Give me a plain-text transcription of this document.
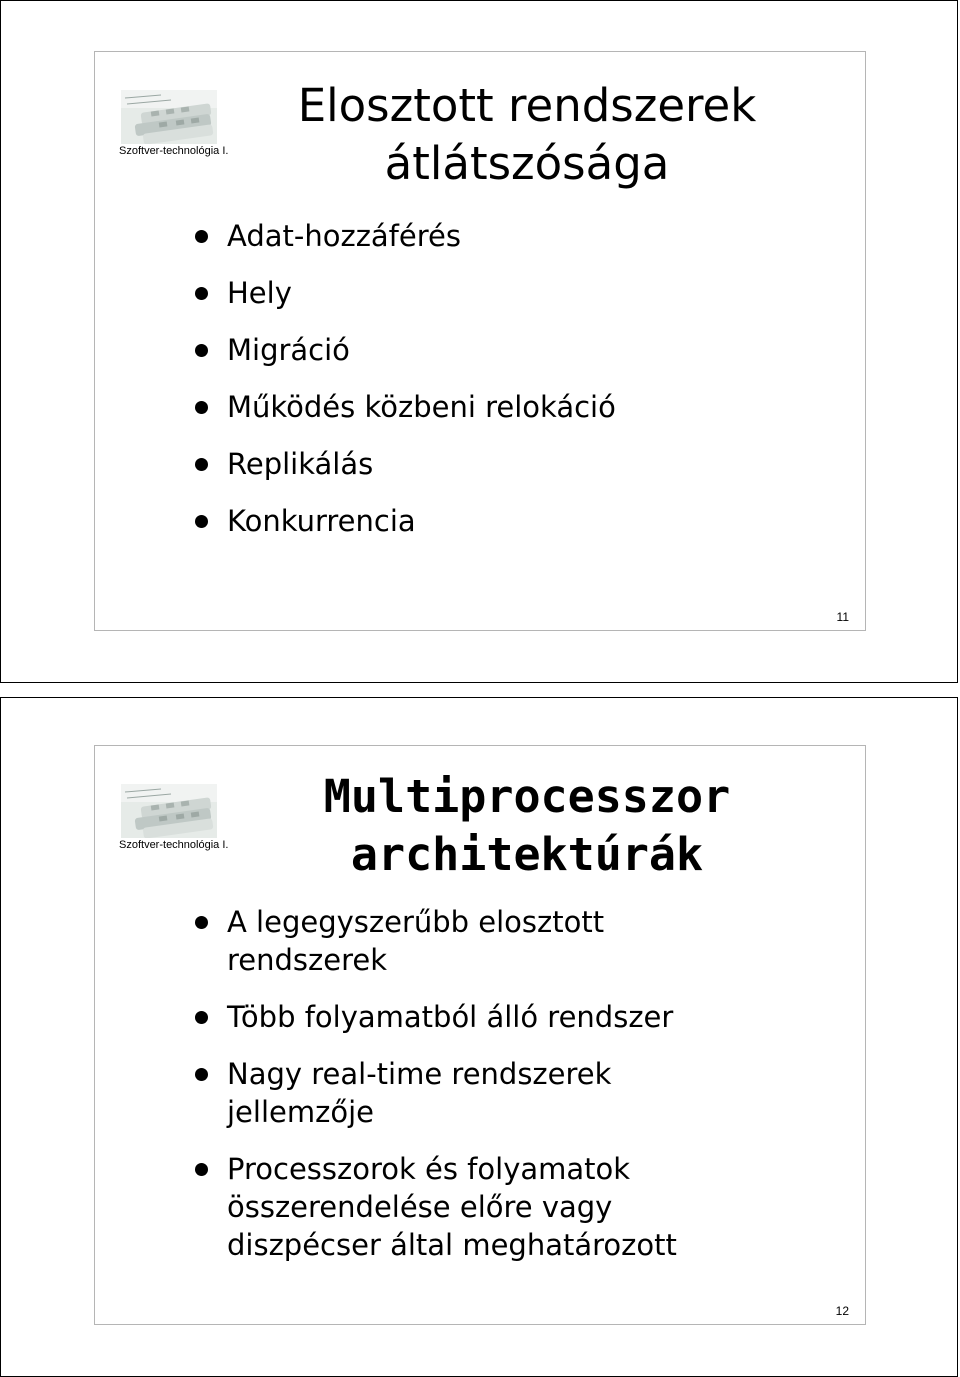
Szoftver-technológia I.
Elosztott rendszerek
átlátszósága
Adat-hozzáférés
Hely
Migráció
Működés közbeni relokáció
Replikálás
Konkurrencia
11
Szoftver-technológia I.
Multiprocesszor
architektúrák
A legegyszerűbb elosztott rendszerek
Több folyamatból álló rendszer
Nagy real-time rendszerek jellemzője
Processzorok és folyamatok összerendelése előre vagy diszpécser által meghatározott
12
